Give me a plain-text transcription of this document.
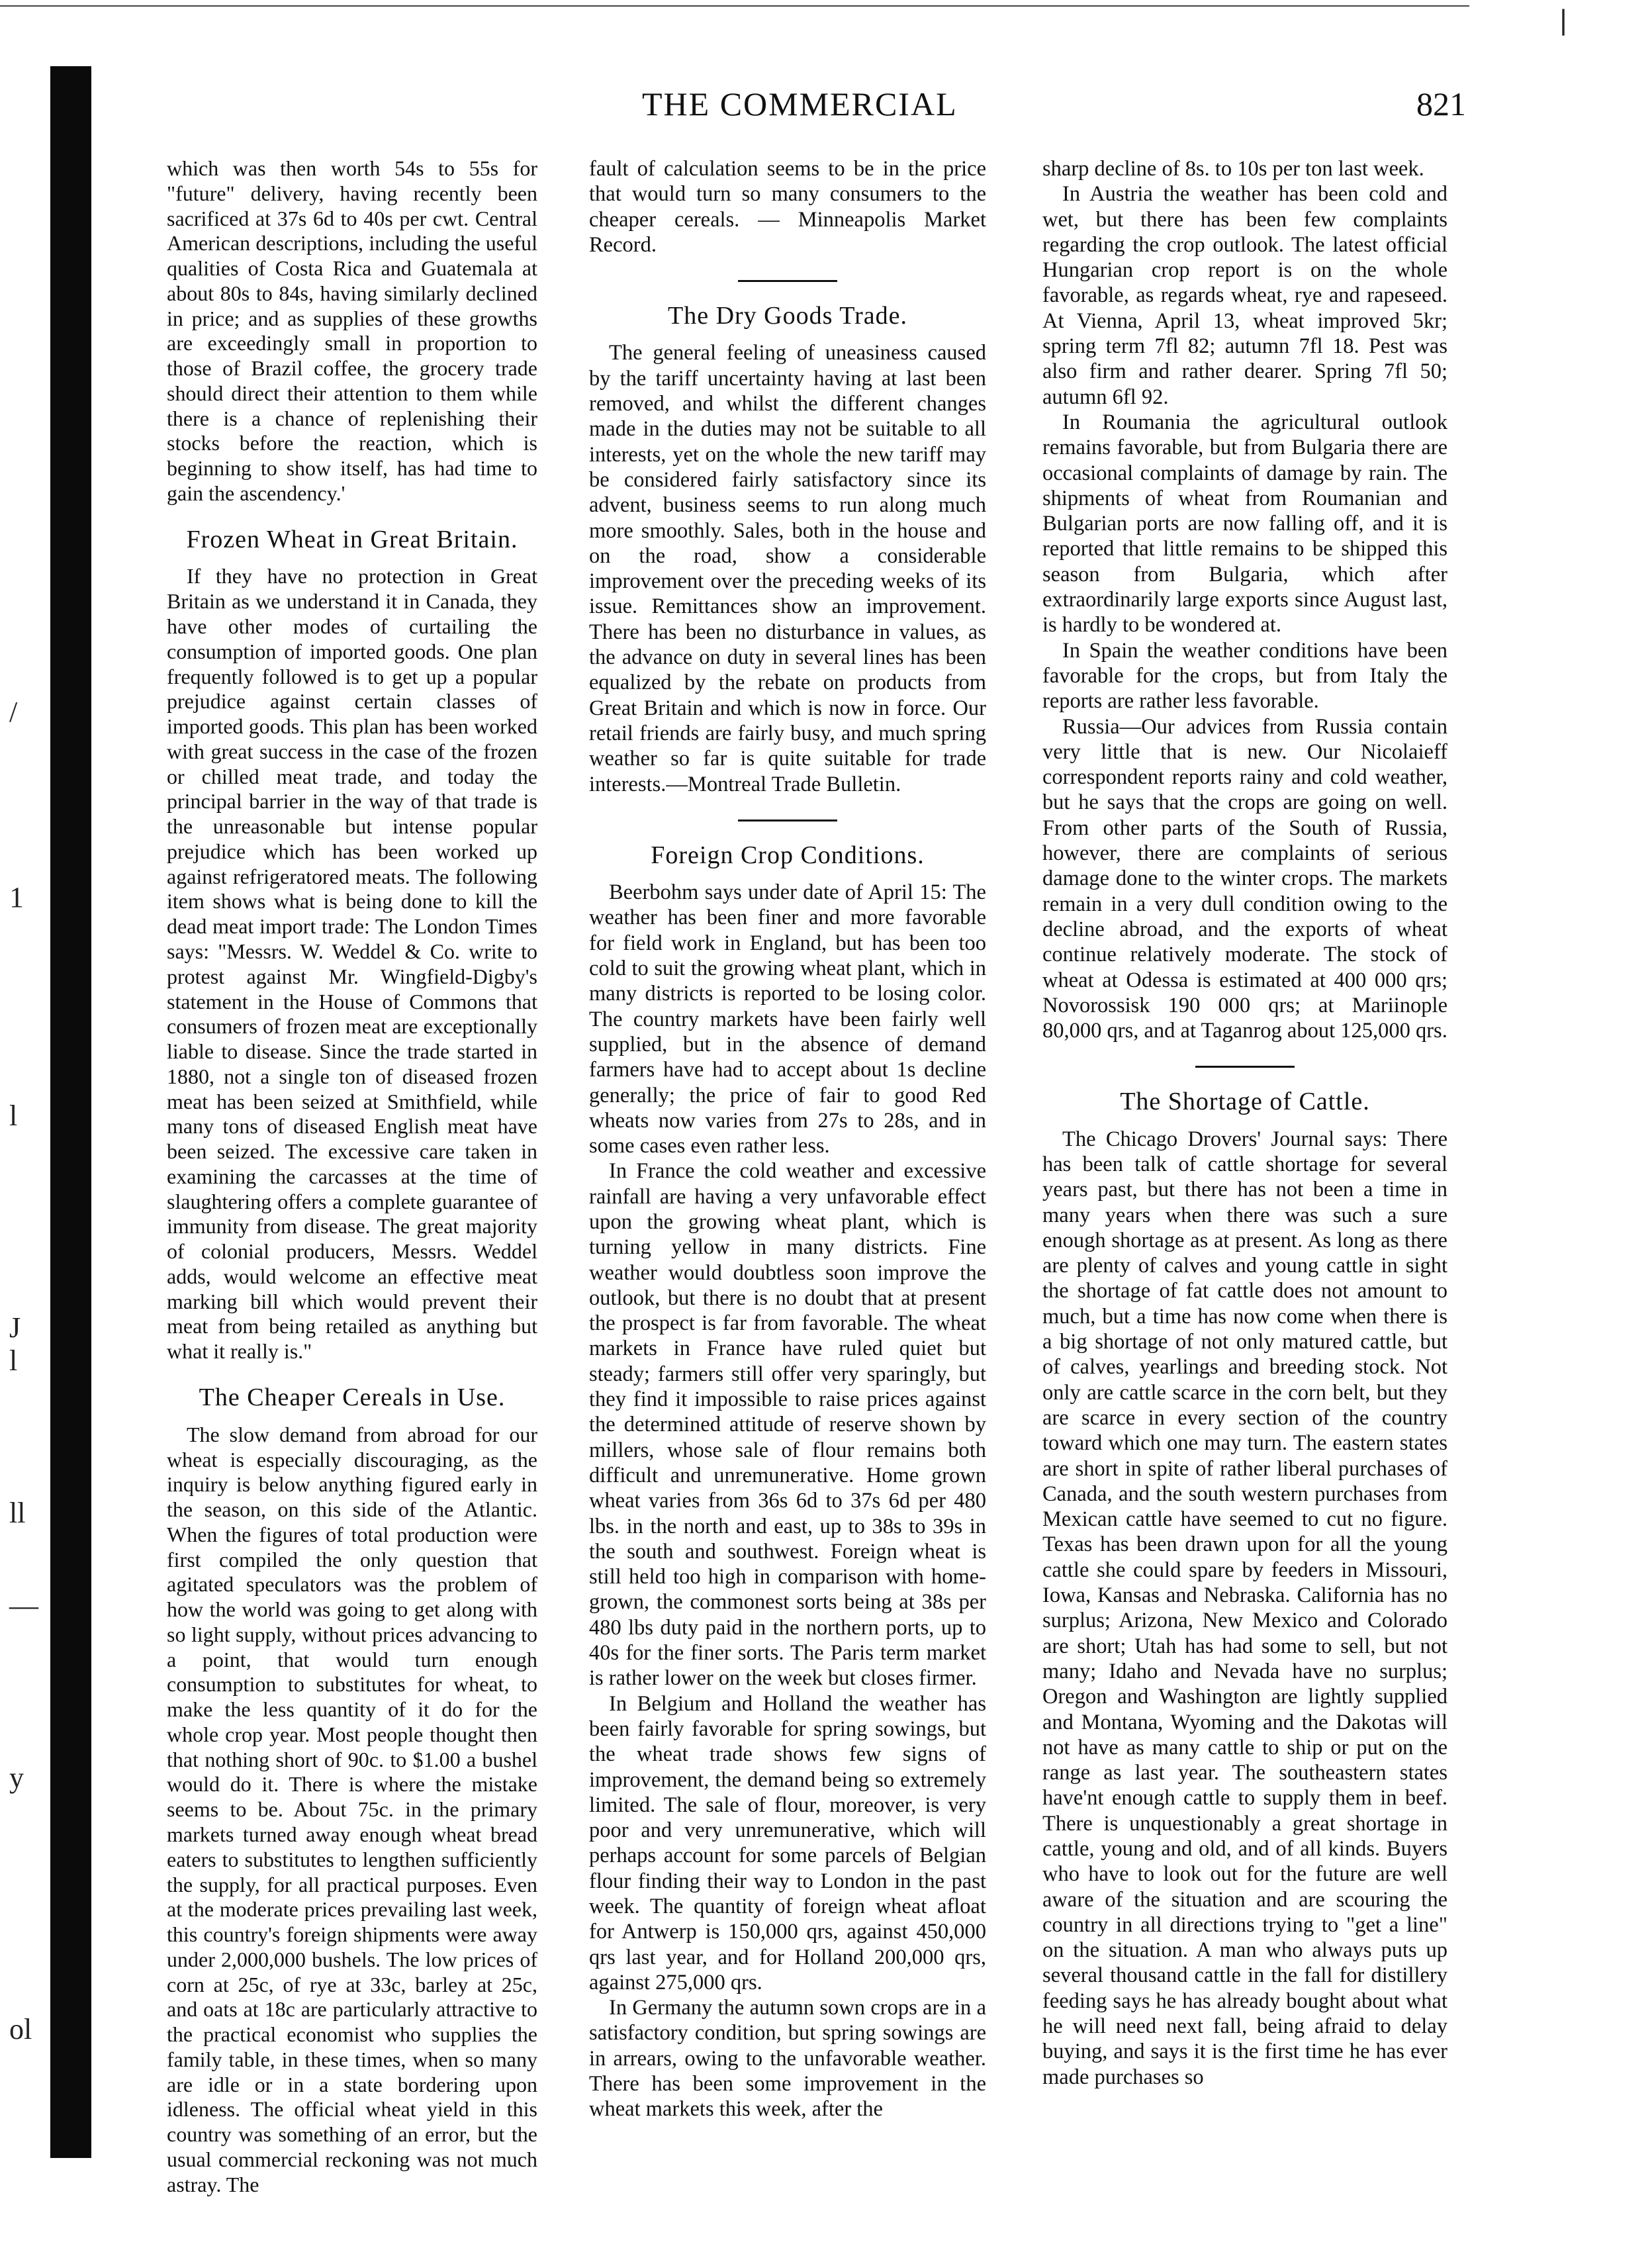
|
/
1
l
J
l
ll
—
y
ol
THE COMMERCIAL	821

which was then worth 54s to 55s for "future" delivery, having recently been sacrificed at 37s 6d to 40s per cwt. Central American descriptions, including the useful qualities of Costa Rica and Guatemala at about 80s to 84s, having similarly declined in price; and as supplies of these growths are exceedingly small in proportion to those of Brazil coffee, the grocery trade should direct their attention to them while there is a chance of replenishing their stocks before the reaction, which is beginning to show itself, has had time to gain the ascendency.'

Frozen Wheat in Great Britain.

If they have no protection in Great Britain as we understand it in Canada, they have other modes of curtailing the consumption of imported goods. One plan frequently followed is to get up a popular prejudice against certain classes of imported goods. This plan has been worked with great success in the case of the frozen or chilled meat trade, and today the principal barrier in the way of that trade is the unreasonable but intense popular prejudice which has been worked up against refrigeratored meats. The following item shows what is being done to kill the dead meat import trade: The London Times says: "Messrs. W. Weddel & Co. write to protest against Mr. Wingfield-Digby's statement in the House of Commons that consumers of frozen meat are exceptionally liable to disease. Since the trade started in 1880, not a single ton of diseased frozen meat has been seized at Smithfield, while many tons of diseased English meat have been seized. The excessive care taken in examining the carcasses at the time of slaughtering offers a complete guarantee of immunity from disease. The great majority of colonial producers, Messrs. Weddel adds, would welcome an effective meat marking bill which would prevent their meat from being retailed as anything but what it really is."

The Cheaper Cereals in Use.

The slow demand from abroad for our wheat is especially discouraging, as the inquiry is below anything figured early in the season, on this side of the Atlantic. When the figures of total production were first compiled the only question that agitated speculators was the problem of how the world was going to get along with so light supply, without prices advancing to a point, that would turn enough consumption to substitutes for wheat, to make the less quantity of it do for the whole crop year. Most people thought then that nothing short of 90c. to $1.00 a bushel would do it. There is where the mistake seems to be. About 75c. in the primary markets turned away enough wheat bread eaters to substitutes to lengthen sufficiently the supply, for all practical purposes. Even at the moderate prices prevailing last week, this country's foreign shipments were away under 2,000,000 bushels. The low prices of corn at 25c, of rye at 33c, barley at 25c, and oats at 18c are particularly attractive to the practical economist who supplies the family table, in these times, when so many are idle or in a state bordering upon idleness. The official wheat yield in this country was something of an error, but the usual commercial reckoning was not much astray. The

fault of calculation seems to be in the price that would turn so many consumers to the cheaper cereals. — Minneapolis Market Record.

The Dry Goods Trade.

The general feeling of uneasiness caused by the tariff uncertainty having at last been removed, and whilst the different changes made in the duties may not be suitable to all interests, yet on the whole the new tariff may be considered fairly satisfactory since its advent, business seems to run along much more smoothly. Sales, both in the house and on the road, show a considerable improvement over the preceding weeks of its issue. Remittances show an improvement. There has been no disturbance in values, as the advance on duty in several lines has been equalized by the rebate on products from Great Britain and which is now in force. Our retail friends are fairly busy, and much spring weather so far is quite suitable for trade interests.—Montreal Trade Bulletin.

Foreign Crop Conditions.

Beerbohm says under date of April 15: The weather has been finer and more favorable for field work in England, but has been too cold to suit the growing wheat plant, which in many districts is reported to be losing color. The country markets have been fairly well supplied, but in the absence of demand farmers have had to accept about 1s decline generally; the price of fair to good Red wheats now varies from 27s to 28s, and in some cases even rather less.

In France the cold weather and excessive rainfall are having a very unfavorable effect upon the growing wheat plant, which is turning yellow in many districts. Fine weather would doubtless soon improve the outlook, but there is no doubt that at present the prospect is far from favorable. The wheat markets in France have ruled quiet but steady; farmers still offer very sparingly, but they find it impossible to raise prices against the determined attitude of reserve shown by millers, whose sale of flour remains both difficult and unremunerative. Home grown wheat varies from 36s 6d to 37s 6d per 480 lbs. in the north and east, up to 38s to 39s in the south and southwest. Foreign wheat is still held too high in comparison with home-grown, the commonest sorts being at 38s per 480 lbs duty paid in the northern ports, up to 40s for the finer sorts. The Paris term market is rather lower on the week but closes firmer.

In Belgium and Holland the weather has been fairly favorable for spring sowings, but the wheat trade shows few signs of improvement, the demand being so extremely limited. The sale of flour, moreover, is very poor and very unremunerative, which will perhaps account for some parcels of Belgian flour finding their way to London in the past week. The quantity of foreign wheat afloat for Antwerp is 150,000 qrs, against 450,000 qrs last year, and for Holland 200,000 qrs, against 275,000 qrs.

In Germany the autumn sown crops are in a satisfactory condition, but spring sowings are in arrears, owing to the unfavorable weather. There has been some improvement in the wheat markets this week, after the

sharp decline of 8s. to 10s per ton last week.

In Austria the weather has been cold and wet, but there has been few complaints regarding the crop outlook. The latest official Hungarian crop report is on the whole favorable, as regards wheat, rye and rapeseed. At Vienna, April 13, wheat improved 5kr; spring term 7fl 82; autumn 7fl 18. Pest was also firm and rather dearer. Spring 7fl 50; autumn 6fl 92.

In Roumania the agricultural outlook remains favorable, but from Bulgaria there are occasional complaints of damage by rain. The shipments of wheat from Roumanian and Bulgarian ports are now falling off, and it is reported that little remains to be shipped this season from Bulgaria, which after extraordinarily large exports since August last, is hardly to be wondered at.

In Spain the weather conditions have been favorable for the crops, but from Italy the reports are rather less favorable.

Russia—Our advices from Russia contain very little that is new. Our Nicolaieff correspondent reports rainy and cold weather, but he says that the crops are going on well. From other parts of the South of Russia, however, there are complaints of serious damage done to the winter crops. The markets remain in a very dull condition owing to the decline abroad, and the exports of wheat continue relatively moderate. The stock of wheat at Odessa is estimated at 400 000 qrs; Novorossisk 190 000 qrs; at Mariinople 80,000 qrs, and at Taganrog about 125,000 qrs.

The Shortage of Cattle.

The Chicago Drovers' Journal says: There has been talk of cattle shortage for several years past, but there has not been a time in many years when there was such a sure enough shortage as at present. As long as there are plenty of calves and young cattle in sight the shortage of fat cattle does not amount to much, but a time has now come when there is a big shortage of not only matured cattle, but of calves, yearlings and breeding stock. Not only are cattle scarce in the corn belt, but they are scarce in every section of the country toward which one may turn. The eastern states are short in spite of rather liberal purchases of Canada, and the south western purchases from Mexican cattle have seemed to cut no figure. Texas has been drawn upon for all the young cattle she could spare by feeders in Missouri, Iowa, Kansas and Nebraska. California has no surplus; Arizona, New Mexico and Colorado are short; Utah has had some to sell, but not many; Idaho and Nevada have no surplus; Oregon and Washington are lightly supplied and Montana, Wyoming and the Dakotas will not have as many cattle to ship or put on the range as last year. The southeastern states have'nt enough cattle to supply them in beef. There is unquestionably a great shortage in cattle, young and old, and of all kinds. Buyers who have to look out for the future are well aware of the situation and are scouring the country in all directions trying to "get a line" on the situation. A man who always puts up several thousand cattle in the fall for distillery feeding says he has already bought about what he will need next fall, being afraid to delay buying, and says it is the first time he has ever made purchases so
